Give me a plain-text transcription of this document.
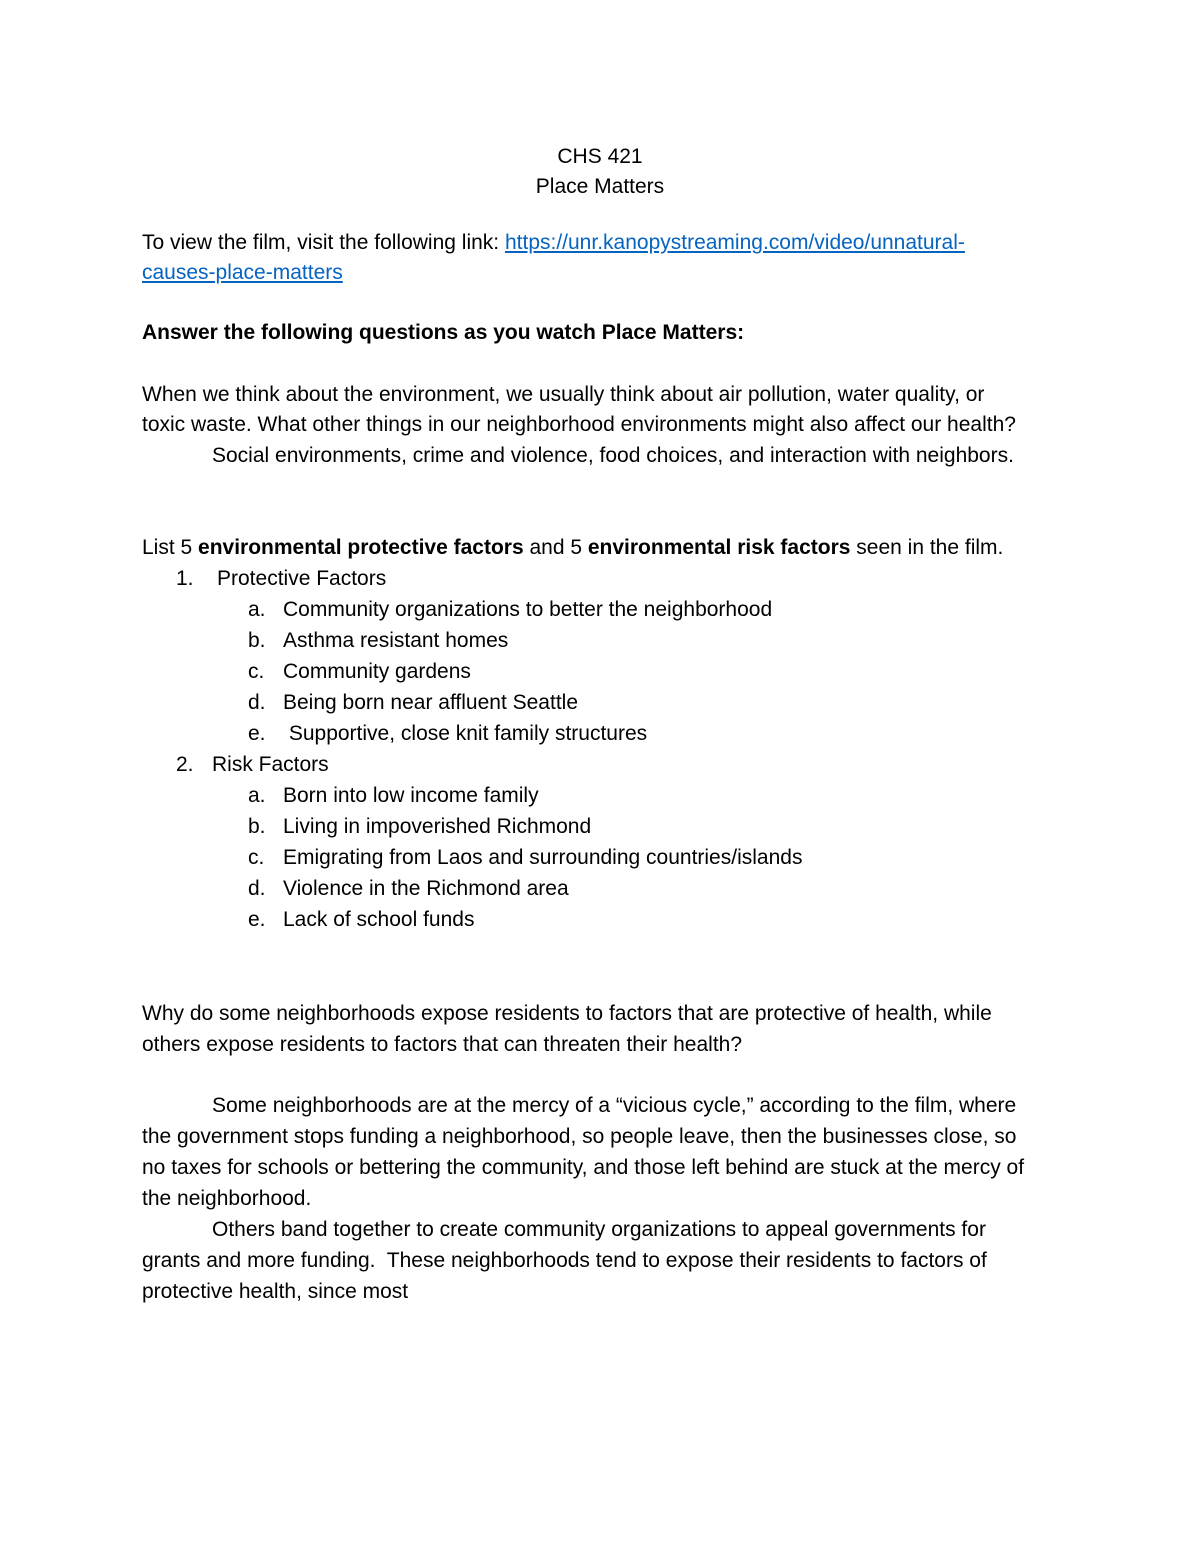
CHS 421
Place Matters
To view the film, visit the following link: https://unr.kanopystreaming.com/video/unnatural-
causes-place-matters
Answer the following questions as you watch Place Matters:
When we think about the environment, we usually think about air pollution, water quality, or
toxic waste. What other things in our neighborhood environments might also affect our health?
Social environments, crime and violence, food choices, and interaction with neighbors.
List 5 environmental protective factors and 5 environmental risk factors seen in the film.
1. Protective Factors
a. Community organizations to better the neighborhood
b. Asthma resistant homes
c. Community gardens
d. Being born near affluent Seattle
e. Supportive, close knit family structures
2. Risk Factors
a. Born into low income family
b. Living in impoverished Richmond
c. Emigrating from Laos and surrounding countries/islands
d. Violence in the Richmond area
e. Lack of school funds
Why do some neighborhoods expose residents to factors that are protective of health, while
others expose residents to factors that can threaten their health?
Some neighborhoods are at the mercy of a “vicious cycle,” according to the film, where
the government stops funding a neighborhood, so people leave, then the businesses close, so
no taxes for schools or bettering the community, and those left behind are stuck at the mercy of
the neighborhood.
Others band together to create community organizations to appeal governments for
grants and more funding.  These neighborhoods tend to expose their residents to factors of
protective health, since most
